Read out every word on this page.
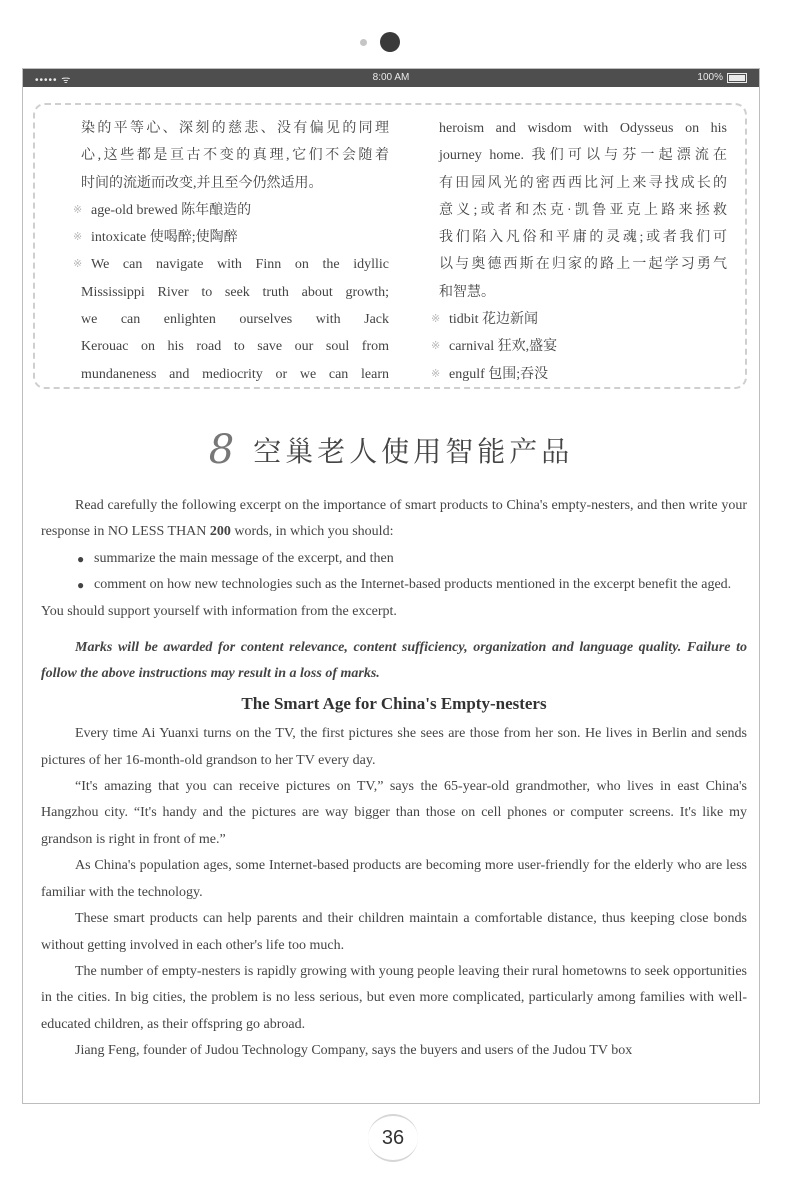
••••• ᯤ	8:00 AM	100%
染的平等心、深刻的慈悲、没有偏见的同理
心,这些都是亘古不变的真理,它们不会随着
时间的流逝而改变,并且至今仍然适用。
※ age-old brewed 陈年酿造的
※ intoxicate 使喝醉;使陶醉
※ We can navigate with Finn on the idyllic
Mississippi River to seek truth about growth;
we can enlighten ourselves with Jack
Kerouac on his road to save our soul from
mundaneness and mediocrity or we can learn
heroism and wisdom with Odysseus on his
journey home. 我们可以与芬一起漂流在
有田园风光的密西西比河上来寻找成长的
意义;或者和杰克·凯鲁亚克上路来拯救
我们陷入凡俗和平庸的灵魂;或者我们可
以与奥德西斯在归家的路上一起学习勇气
和智慧。
※ tidbit 花边新闻
※ carnival 狂欢,盛宴
※ engulf 包围;吞没
8 空巢老人使用智能产品

Read carefully the following excerpt on the importance of smart products to China's empty-nesters, and then write your response in NO LESS THAN 200 words, in which you should:

● summarize the main message of the excerpt, and then
● comment on how new technologies such as the Internet-based products mentioned in the excerpt benefit the aged.

You should support yourself with information from the excerpt.

Marks will be awarded for content relevance, content sufficiency, organization and language quality. Failure to follow the above instructions may result in a loss of marks.

The Smart Age for China's Empty-nesters

Every time Ai Yuanxi turns on the TV, the first pictures she sees are those from her son. He lives in Berlin and sends pictures of her 16-month-old grandson to her TV every day.

“It's amazing that you can receive pictures on TV,” says the 65-year-old grandmother, who lives in east China's Hangzhou city. “It's handy and the pictures are way bigger than those on cell phones or computer screens. It's like my grandson is right in front of me.”

As China's population ages, some Internet-based products are becoming more user-friendly for the elderly who are less familiar with the technology.

These smart products can help parents and their children maintain a comfortable distance, thus keeping close bonds without getting involved in each other's life too much.

The number of empty-nesters is rapidly growing with young people leaving their rural hometowns to seek opportunities in the cities. In big cities, the problem is no less serious, but even more complicated, particularly among families with well-educated children, as their offspring go abroad.

Jiang Feng, founder of Judou Technology Company, says the buyers and users of the Judou TV box

36
